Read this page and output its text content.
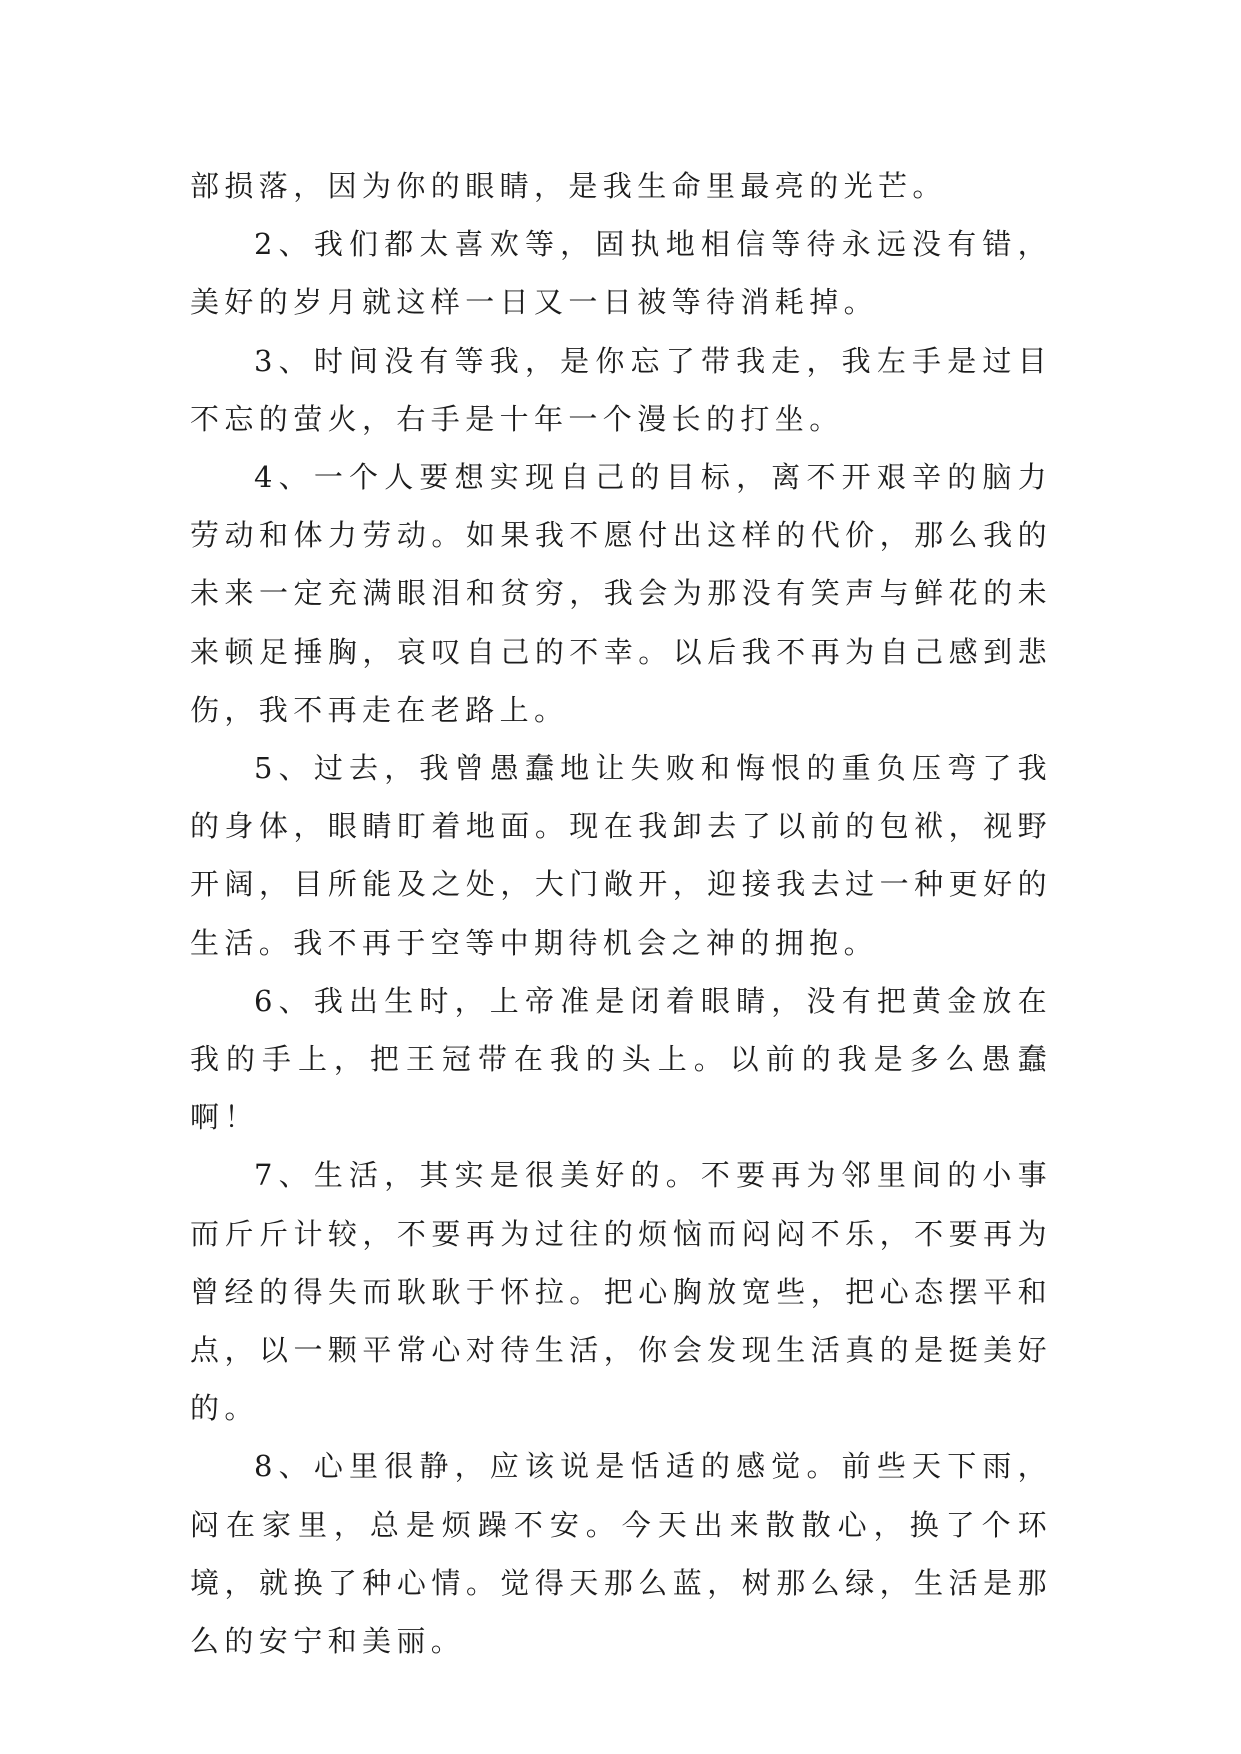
部损落，因为你的眼睛，是我生命里最亮的光芒。

2、我们都太喜欢等，固执地相信等待永远没有错，美好的岁月就这样一日又一日被等待消耗掉。

3、时间没有等我，是你忘了带我走，我左手是过目不忘的萤火，右手是十年一个漫长的打坐。

4、一个人要想实现自己的目标，离不开艰辛的脑力劳动和体力劳动。如果我不愿付出这样的代价，那么我的未来一定充满眼泪和贫穷，我会为那没有笑声与鲜花的未来顿足捶胸，哀叹自己的不幸。以后我不再为自己感到悲伤，我不再走在老路上。

5、过去，我曾愚蠢地让失败和悔恨的重负压弯了我的身体，眼睛盯着地面。现在我卸去了以前的包袱，视野开阔，目所能及之处，大门敞开，迎接我去过一种更好的生活。我不再于空等中期待机会之神的拥抱。

6、我出生时，上帝准是闭着眼睛，没有把黄金放在我的手上，把王冠带在我的头上。以前的我是多么愚蠢啊！

7、生活，其实是很美好的。不要再为邻里间的小事而斤斤计较，不要再为过往的烦恼而闷闷不乐，不要再为曾经的得失而耿耿于怀拉。把心胸放宽些，把心态摆平和点，以一颗平常心对待生活，你会发现生活真的是挺美好的。

8、心里很静，应该说是恬适的感觉。前些天下雨，闷在家里，总是烦躁不安。今天出来散散心，换了个环境，就换了种心情。觉得天那么蓝，树那么绿，生活是那么的安宁和美丽。
